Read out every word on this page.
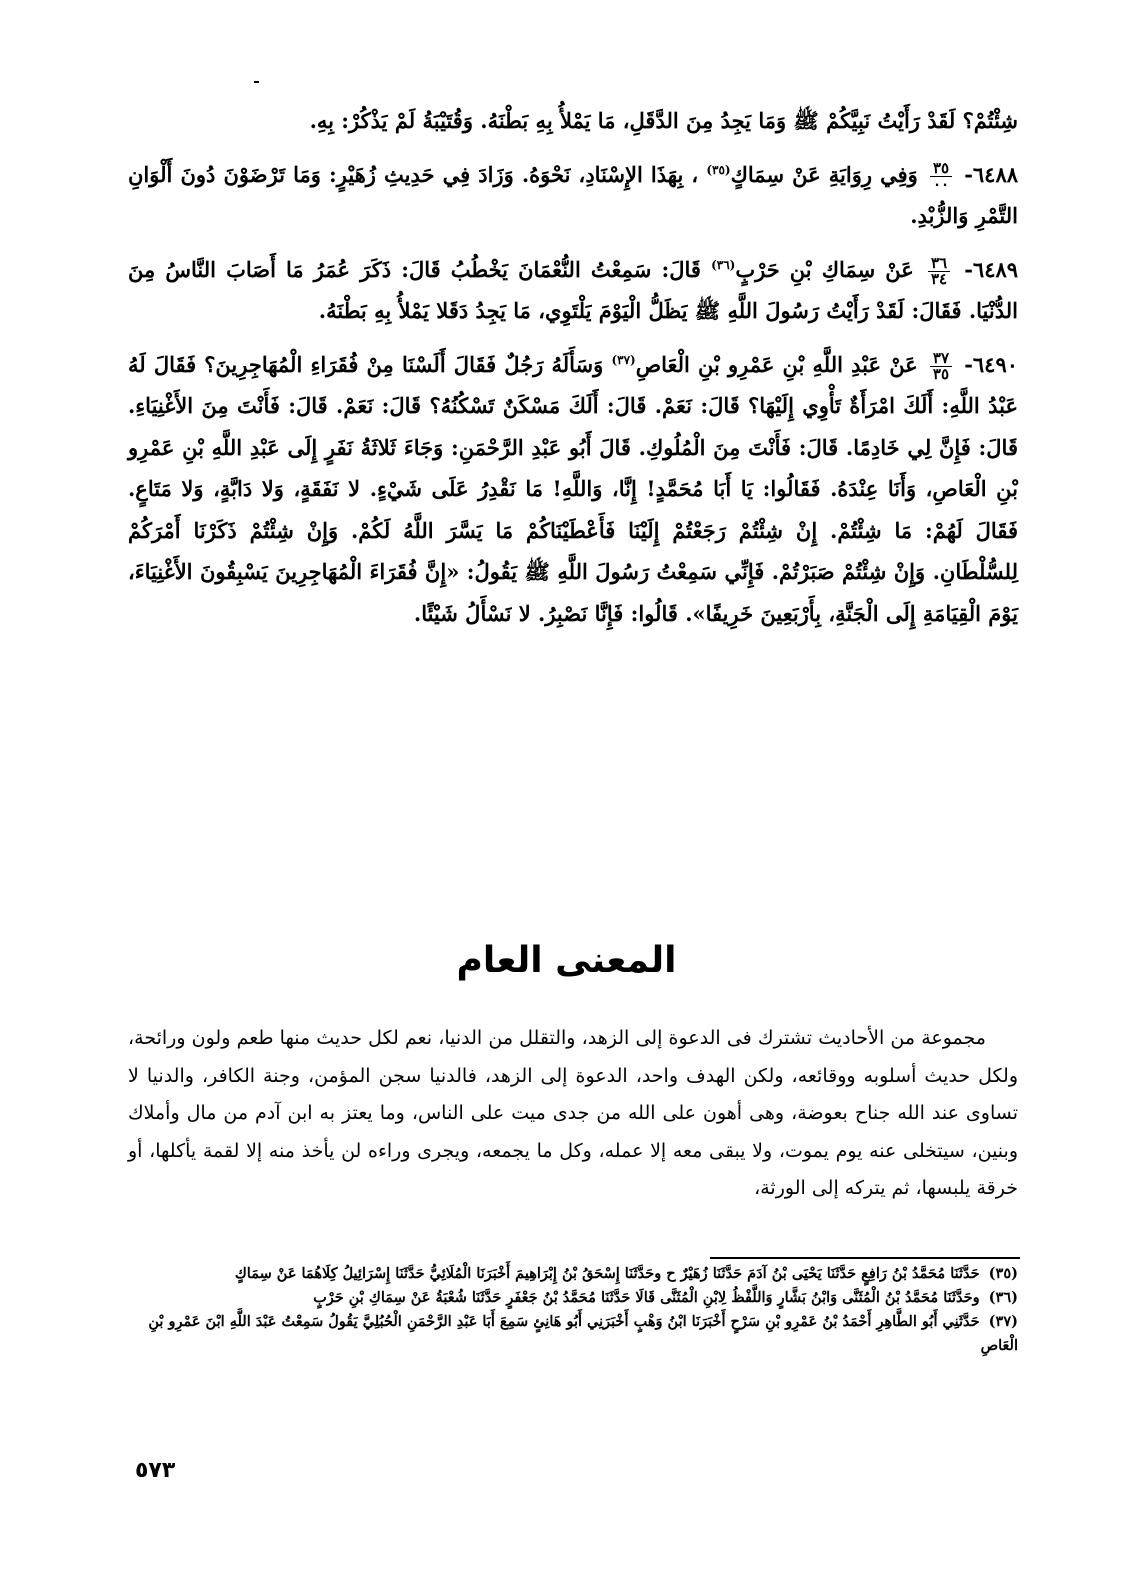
شِئْتُمْ؟ لَقَدْ رَأَيْتُ نَبِيَّكُمْ ﷺ وَمَا يَجِدُ مِنَ الدَّقَلِ، مَا يَمْلأُ بِهِ بَطْنَهُ. وَقُتَيْبَةُ لَمْ يَذْكُرْ: بِهِ.

٦٤٨٨-
$\frac{٣٥}{٠٠}$
وَفِي رِوَايَةِ عَنْ سِمَاكٍ$^{(٣٥)}$ ، بِهَذَا الإِسْنَادِ، نَحْوَهُ. وَزَادَ فِي حَدِيثِ زُهَيْرٍ: وَمَا تَرْضَوْنَ دُونَ أَلْوَانِ التَّمْرِ وَالزُّبْدِ.

٦٤٨٩-
$\frac{٣٦}{٣٤}$
عَنْ سِمَاكِ بْنِ حَرْبٍ$^{(٣٦)}$ قَالَ: سَمِعْتُ النُّعْمَانَ يَخْطُبُ قَالَ: ذَكَرَ عُمَرُ مَا أَصَابَ النَّاسُ مِنَ الدُّنْيَا. فَقَالَ: لَقَدْ رَأَيْتُ رَسُولَ اللَّهِ ﷺ يَظَلُّ الْيَوْمَ يَلْتَوِي، مَا يَجِدُ دَقَلا يَمْلأُ بِهِ بَطْنَهُ.

٦٤٩٠-
$\frac{٣٧}{٣٥}$
عَنْ عَبْدِ اللَّهِ بْنِ عَمْرِو بْنِ الْعَاصِ$^{(٣٧)}$ وَسَأَلَهُ رَجُلٌ فَقَالَ أَلَسْنَا مِنْ فُقَرَاءِ الْمُهَاجِرِينَ؟ فَقَالَ لَهُ عَبْدُ اللَّهِ: أَلَكَ امْرَأَةٌ تَأْوِي إِلَيْهَا؟ قَالَ: نَعَمْ. قَالَ: أَلَكَ مَسْكَنٌ تَسْكُنُهُ؟ قَالَ: نَعَمْ. قَالَ: فَأَنْتَ مِنَ الأَغْنِيَاءِ. قَالَ: فَإِنَّ لِي خَادِمًا. قَالَ: فَأَنْتَ مِنَ الْمُلُوكِ. قَالَ أَبُو عَبْدِ الرَّحْمَنِ: وَجَاءَ ثَلاثَةُ نَفَرٍ إِلَى عَبْدِ اللَّهِ بْنِ عَمْرِو بْنِ الْعَاصِ، وَأَنَا عِنْدَهُ. فَقَالُوا: يَا أَبَا مُحَمَّدٍ! إِنَّا، وَاللَّهِ! مَا نَقْدِرُ عَلَى شَيْءٍ. لا نَفَقَةٍ، وَلا دَابَّةٍ، وَلا مَتَاعٍ. فَقَالَ لَهُمْ: مَا شِئْتُمْ. إِنْ شِئْتُمْ رَجَعْتُمْ إِلَيْنَا فَأَعْطَيْنَاكُمْ مَا يَسَّرَ اللَّهُ لَكُمْ. وَإِنْ شِئْتُمْ ذَكَرْنَا أَمْرَكُمْ لِلسُّلْطَانِ. وَإِنْ شِئْتُمْ صَبَرْتُمْ. فَإِنِّي سَمِعْتُ رَسُولَ اللَّهِ ﷺ يَقُولُ: «إِنَّ فُقَرَاءَ الْمُهَاجِرِينَ يَسْبِقُونَ الأَغْنِيَاءَ، يَوْمَ الْقِيَامَةِ إِلَى الْجَنَّةِ، بِأَرْبَعِينَ خَرِيفًا». قَالُوا: فَإِنَّا نَصْبِرُ. لا نَسْأَلُ شَيْئًا.

المعنى العام
مجموعة من الأحاديث تشترك فى الدعوة إلى الزهد، والتقلل من الدنيا، نعم لكل حديث منها طعم ولون ورائحة، ولكل حديث أسلوبه ووقائعه، ولكن الهدف واحد، الدعوة إلى الزهد، فالدنيا سجن المؤمن، وجنة الكافر، والدنيا لا تساوى عند الله جناح بعوضة، وهى أهون على الله من جدى ميت على الناس، وما يعتز به ابن آدم من مال وأملاك وبنين، سيتخلى عنه يوم يموت، ولا يبقى معه إلا عمله، وكل ما يجمعه، ويجرى وراءه لن يأخذ منه إلا لقمة يأكلها، أو خرقة يلبسها، ثم يتركه إلى الورثة،

(٣٥) حَدَّثَنَا مُحَمَّدُ بْنُ رَافِعٍ حَدَّثَنَا يَحْيَى بْنُ آدَمَ حَدَّثَنَا زُهَيْرٌ ح وحَدَّثَنَا إِسْحَقُ بْنُ إِبْرَاهِيمَ أَخْبَرَنَا الْمُلَائِيُّ حَدَّثَنَا إِسْرَائِيلُ كِلَاهُمَا عَنْ سِمَاكٍ

(٣٦) وحَدَّثَنَا مُحَمَّدُ بْنُ الْمُثَنَّى وَابْنُ بَشَّارٍ وَاللَّفْظُ لِابْنِ الْمُثَنَّى قَالَا حَدَّثَنَا مُحَمَّدُ بْنُ جَعْفَرٍ حَدَّثَنَا شُعْبَةُ عَنْ سِمَاكِ بْنِ حَرْبٍ

(٣٧) حَدَّثَنِي أَبُو الطَّاهِرِ أَحْمَدُ بْنُ عَمْرِو بْنِ سَرْحٍ أَخْبَرَنَا ابْنُ وَهْبٍ أَخْبَرَنِي أَبُو هَانِئٍ سَمِعَ أَبَا عَبْدِ الرَّحْمَنِ الْحُبُلِيَّ يَقُولُ سَمِعْتُ عَبْدَ اللَّهِ ابْنَ عَمْرِو بْنِ الْعَاصِ

٥٧٣
